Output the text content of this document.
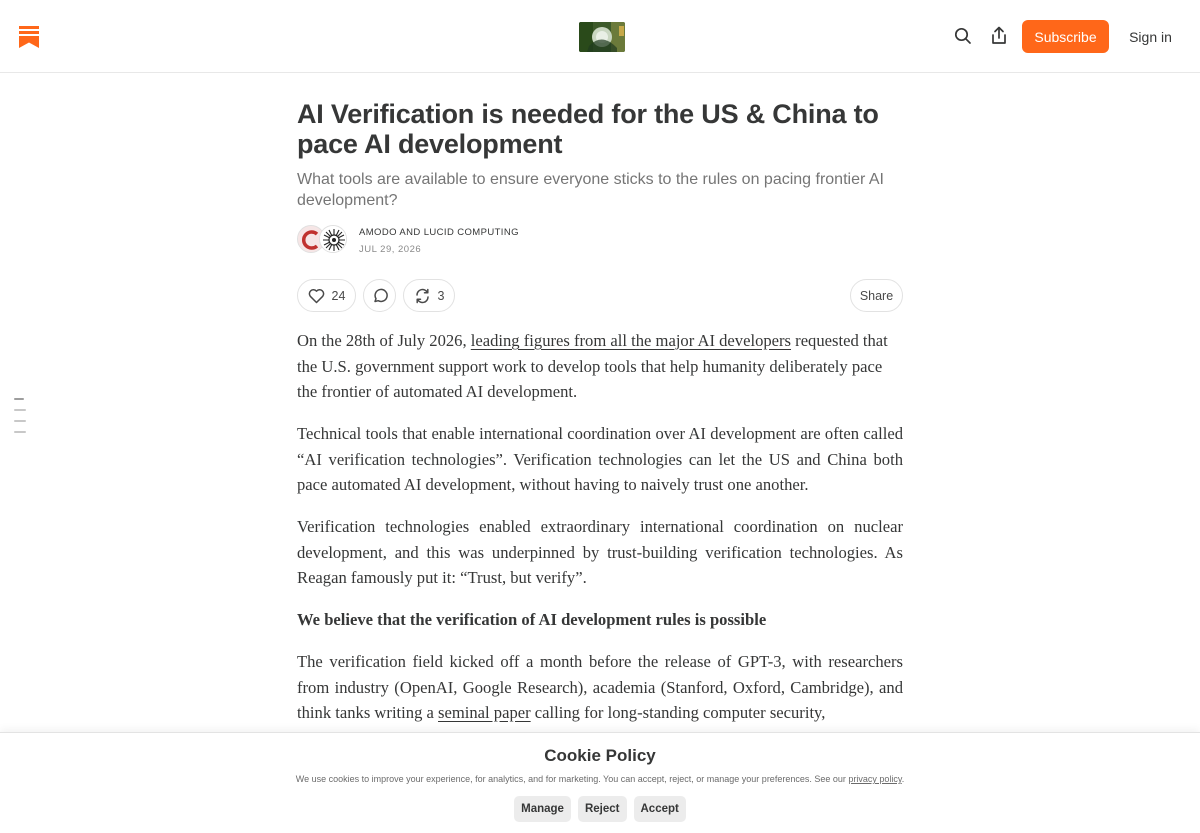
Subscribe	Sign in
AI Verification is needed for the US & China to pace AI development
What tools are available to ensure everyone sticks to the rules on pacing frontier AI development?
AMODO AND LUCID COMPUTING
JUL 29, 2026
24	3	Share

On the 28th of July 2026, leading figures from all the major AI developers requested that the U.S. government support work to develop tools that help humanity deliberately pace the frontier of automated AI development.

Technical tools that enable international coordination over AI development are often called “AI verification technologies”. Verification technologies can let the US and China both pace automated AI development, without having to naively trust one another.

Verification technologies enabled extraordinary international coordination on nuclear development, and this was underpinned by trust-building verification technologies. As Reagan famously put it: “Trust, but verify”.

We believe that the verification of AI development rules is possible

The verification field kicked off a month before the release of GPT-3, with researchers from industry (OpenAI, Google Research), academia (Stanford, Oxford, Cambridge), and think tanks writing a seminal paper calling for long-standing computer security,

Cookie Policy
We use cookies to improve your experience, for analytics, and for marketing. You can accept, reject, or manage your preferences. See our privacy policy.
Manage	Reject	Accept
